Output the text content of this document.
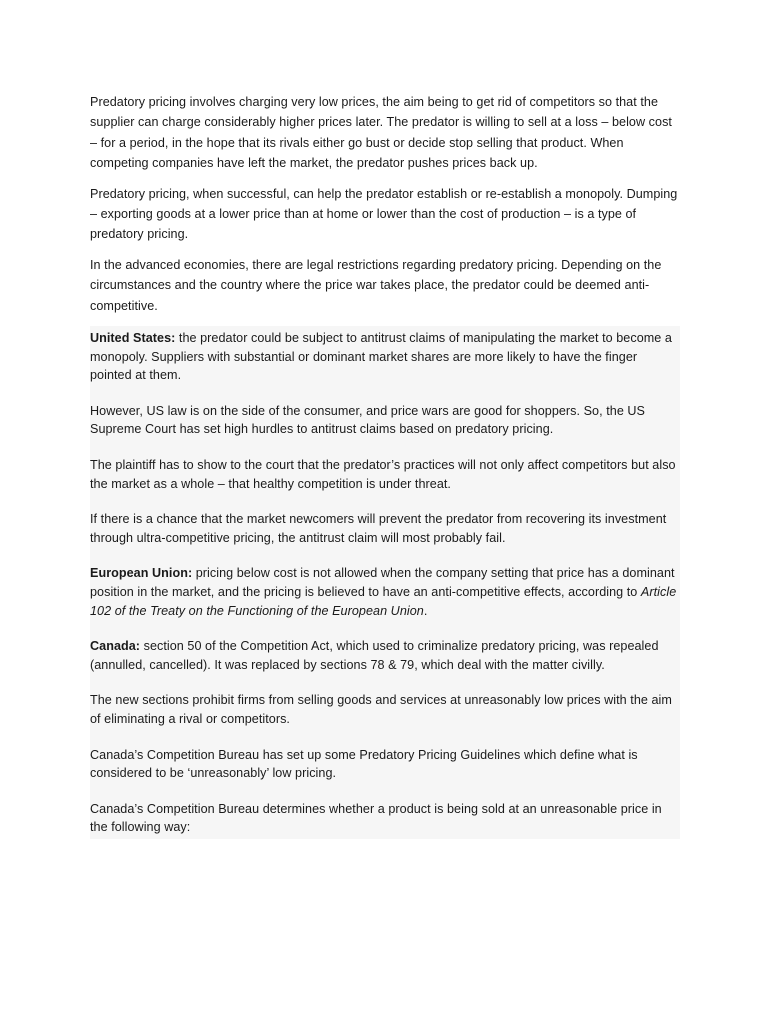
Predatory pricing involves charging very low prices, the aim being to get rid of competitors so that the supplier can charge considerably higher prices later. The predator is willing to sell at a loss – below cost – for a period, in the hope that its rivals either go bust or decide stop selling that product. When competing companies have left the market, the predator pushes prices back up.

Predatory pricing, when successful, can help the predator establish or re-establish a monopoly. Dumping – exporting goods at a lower price than at home or lower than the cost of production – is a type of predatory pricing.

In the advanced economies, there are legal restrictions regarding predatory pricing. Depending on the circumstances and the country where the price war takes place, the predator could be deemed anti-competitive.

United States: the predator could be subject to antitrust claims of manipulating the market to become a monopoly. Suppliers with substantial or dominant market shares are more likely to have the finger pointed at them.

However, US law is on the side of the consumer, and price wars are good for shoppers. So, the US Supreme Court has set high hurdles to antitrust claims based on predatory pricing.

The plaintiff has to show to the court that the predator’s practices will not only affect competitors but also the market as a whole – that healthy competition is under threat.

If there is a chance that the market newcomers will prevent the predator from recovering its investment through ultra-competitive pricing, the antitrust claim will most probably fail.

European Union: pricing below cost is not allowed when the company setting that price has a dominant position in the market, and the pricing is believed to have an anti-competitive effects, according to Article 102 of the Treaty on the Functioning of the European Union.

Canada: section 50 of the Competition Act, which used to criminalize predatory pricing, was repealed (annulled, cancelled). It was replaced by sections 78 & 79, which deal with the matter civilly.

The new sections prohibit firms from selling goods and services at unreasonably low prices with the aim of eliminating a rival or competitors.

Canada’s Competition Bureau has set up some Predatory Pricing Guidelines which define what is considered to be ‘unreasonably’ low pricing.

Canada’s Competition Bureau determines whether a product is being sold at an unreasonable price in the following way:
